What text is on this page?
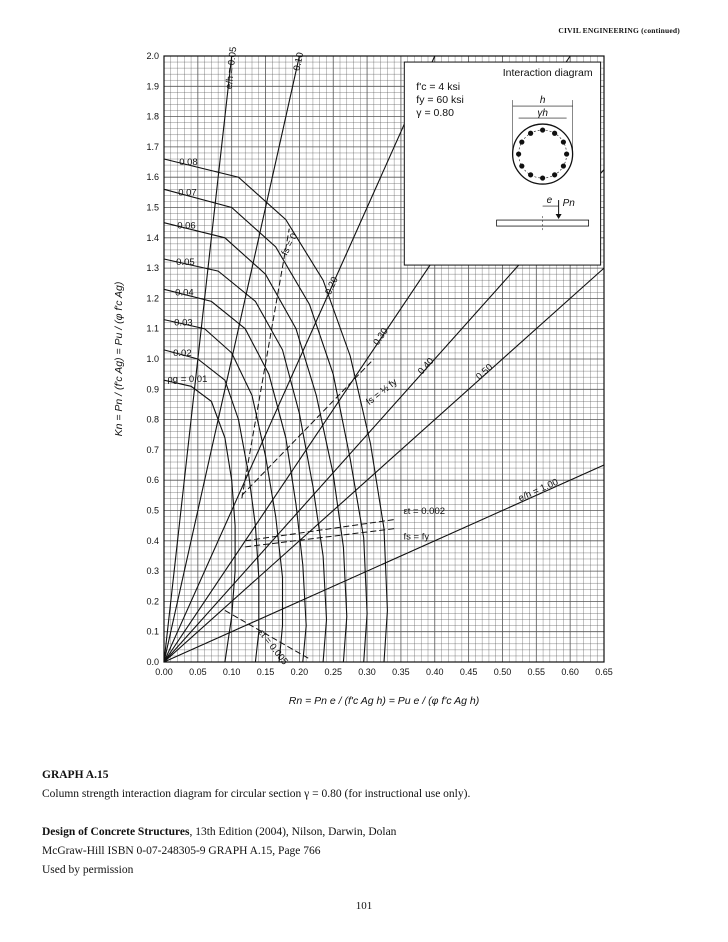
CIVIL ENGINEERING (continued)
e/h = 0.05	0.10
0.20
0.30
0.40	0.50
e/h = 1.00
ρg = 0.01
0.02
0.03
0.04
0.05
0.06
0.07
0.08
fs = 0
fs = ½ fy
εt = 0.002
fs = fy
εt = 0.005
0.00 0.05 0.10 0.15 0.20 0.25 0.30 0.35 0.40 0.45 0.50 0.55 0.60 0.65
0.0
0.1
0.2
0.3
0.4
0.5
0.6
0.7
0.8
0.9
1.0
1.1
1.2
1.3
1.4
1.5
1.6
1.7
1.8
1.9
2.0
Interaction diagram
f'c = 4 ksi
fy = 60 ksi
γ = 0.80
h
γh
e Pn
Rn = Pn e / (f'c Ag h) = Pu e / (φ f'c Ag h)
Kn = Pn / (f'c Ag) = Pu / (φ f'c Ag)
GRAPH A.15
Column strength interaction diagram for circular section γ = 0.80 (for instructional use only).
Design of Concrete Structures, 13th Edition (2004), Nilson, Darwin, Dolan
McGraw-Hill ISBN 0-07-248305-9 GRAPH A.15, Page 766
Used by permission
101
